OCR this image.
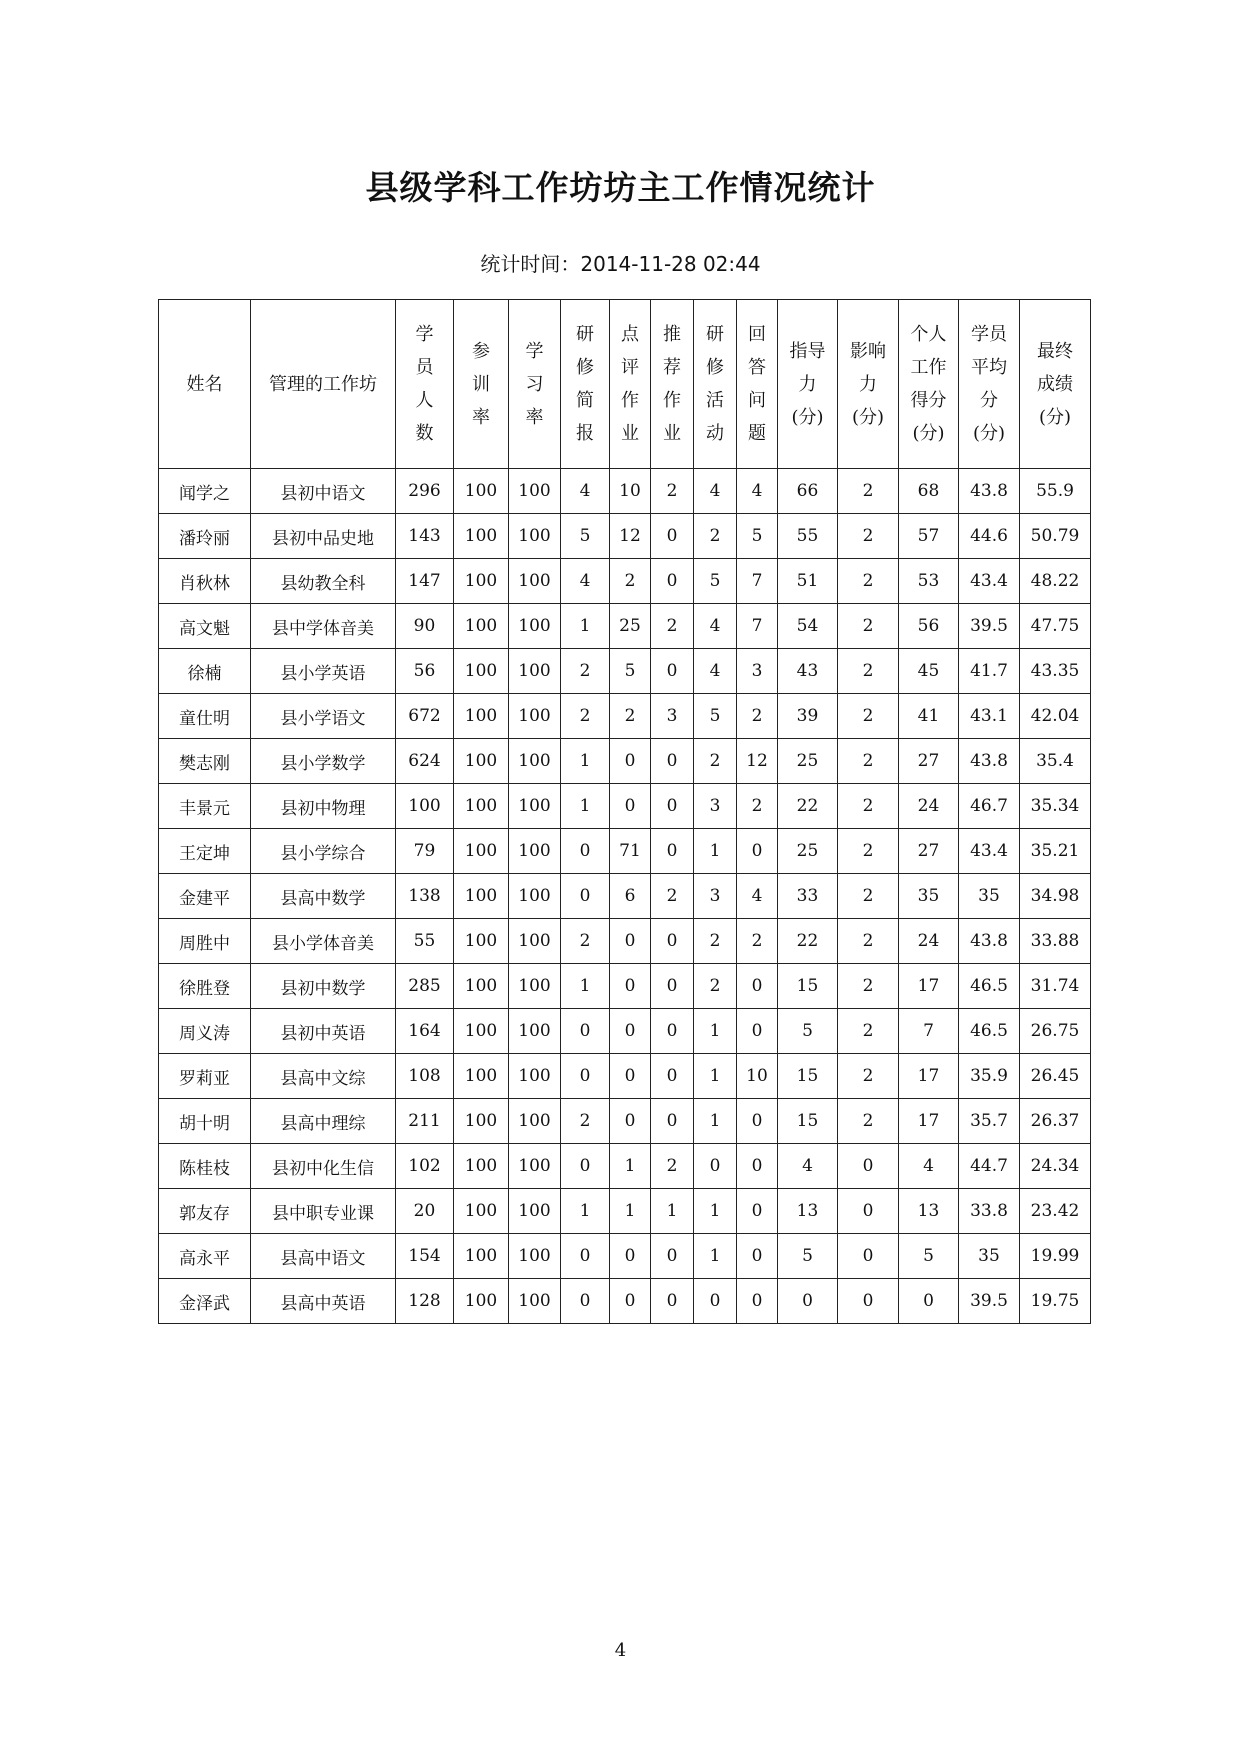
县级学科工作坊坊主工作情况统计
统计时间：2014-11-28 02:44
姓名	管理的工作坊	学员人数	参训率	学习率	研修简报	点评作业	推荐作业	研修活动	回答问题	指导力(分)	影响力(分)	个人工作得分(分)	学员平均分(分)	最终成绩(分)
闻学之	县初中语文	296	100	100	4	10	2	4	4	66	2	68	43.8	55.9
潘玲丽	县初中品史地	143	100	100	5	12	0	2	5	55	2	57	44.6	50.79
肖秋林	县幼教全科	147	100	100	4	2	0	5	7	51	2	53	43.4	48.22
高文魁	县中学体音美	90	100	100	1	25	2	4	7	54	2	56	39.5	47.75
徐楠	县小学英语	56	100	100	2	5	0	4	3	43	2	45	41.7	43.35
童仕明	县小学语文	672	100	100	2	2	3	5	2	39	2	41	43.1	42.04
樊志刚	县小学数学	624	100	100	1	0	0	2	12	25	2	27	43.8	35.4
丰景元	县初中物理	100	100	100	1	0	0	3	2	22	2	24	46.7	35.34
王定坤	县小学综合	79	100	100	0	71	0	1	0	25	2	27	43.4	35.21
金建平	县高中数学	138	100	100	0	6	2	3	4	33	2	35	35	34.98
周胜中	县小学体音美	55	100	100	2	0	0	2	2	22	2	24	43.8	33.88
徐胜登	县初中数学	285	100	100	1	0	0	2	0	15	2	17	46.5	31.74
周义涛	县初中英语	164	100	100	0	0	0	1	0	5	2	7	46.5	26.75
罗莉亚	县高中文综	108	100	100	0	0	0	1	10	15	2	17	35.9	26.45
胡十明	县高中理综	211	100	100	2	0	0	1	0	15	2	17	35.7	26.37
陈桂枝	县初中化生信	102	100	100	0	1	2	0	0	4	0	4	44.7	24.34
郭友存	县中职专业课	20	100	100	1	1	1	1	0	13	0	13	33.8	23.42
高永平	县高中语文	154	100	100	0	0	0	1	0	5	0	5	35	19.99
金泽武	县高中英语	128	100	100	0	0	0	0	0	0	0	0	39.5	19.75
4
